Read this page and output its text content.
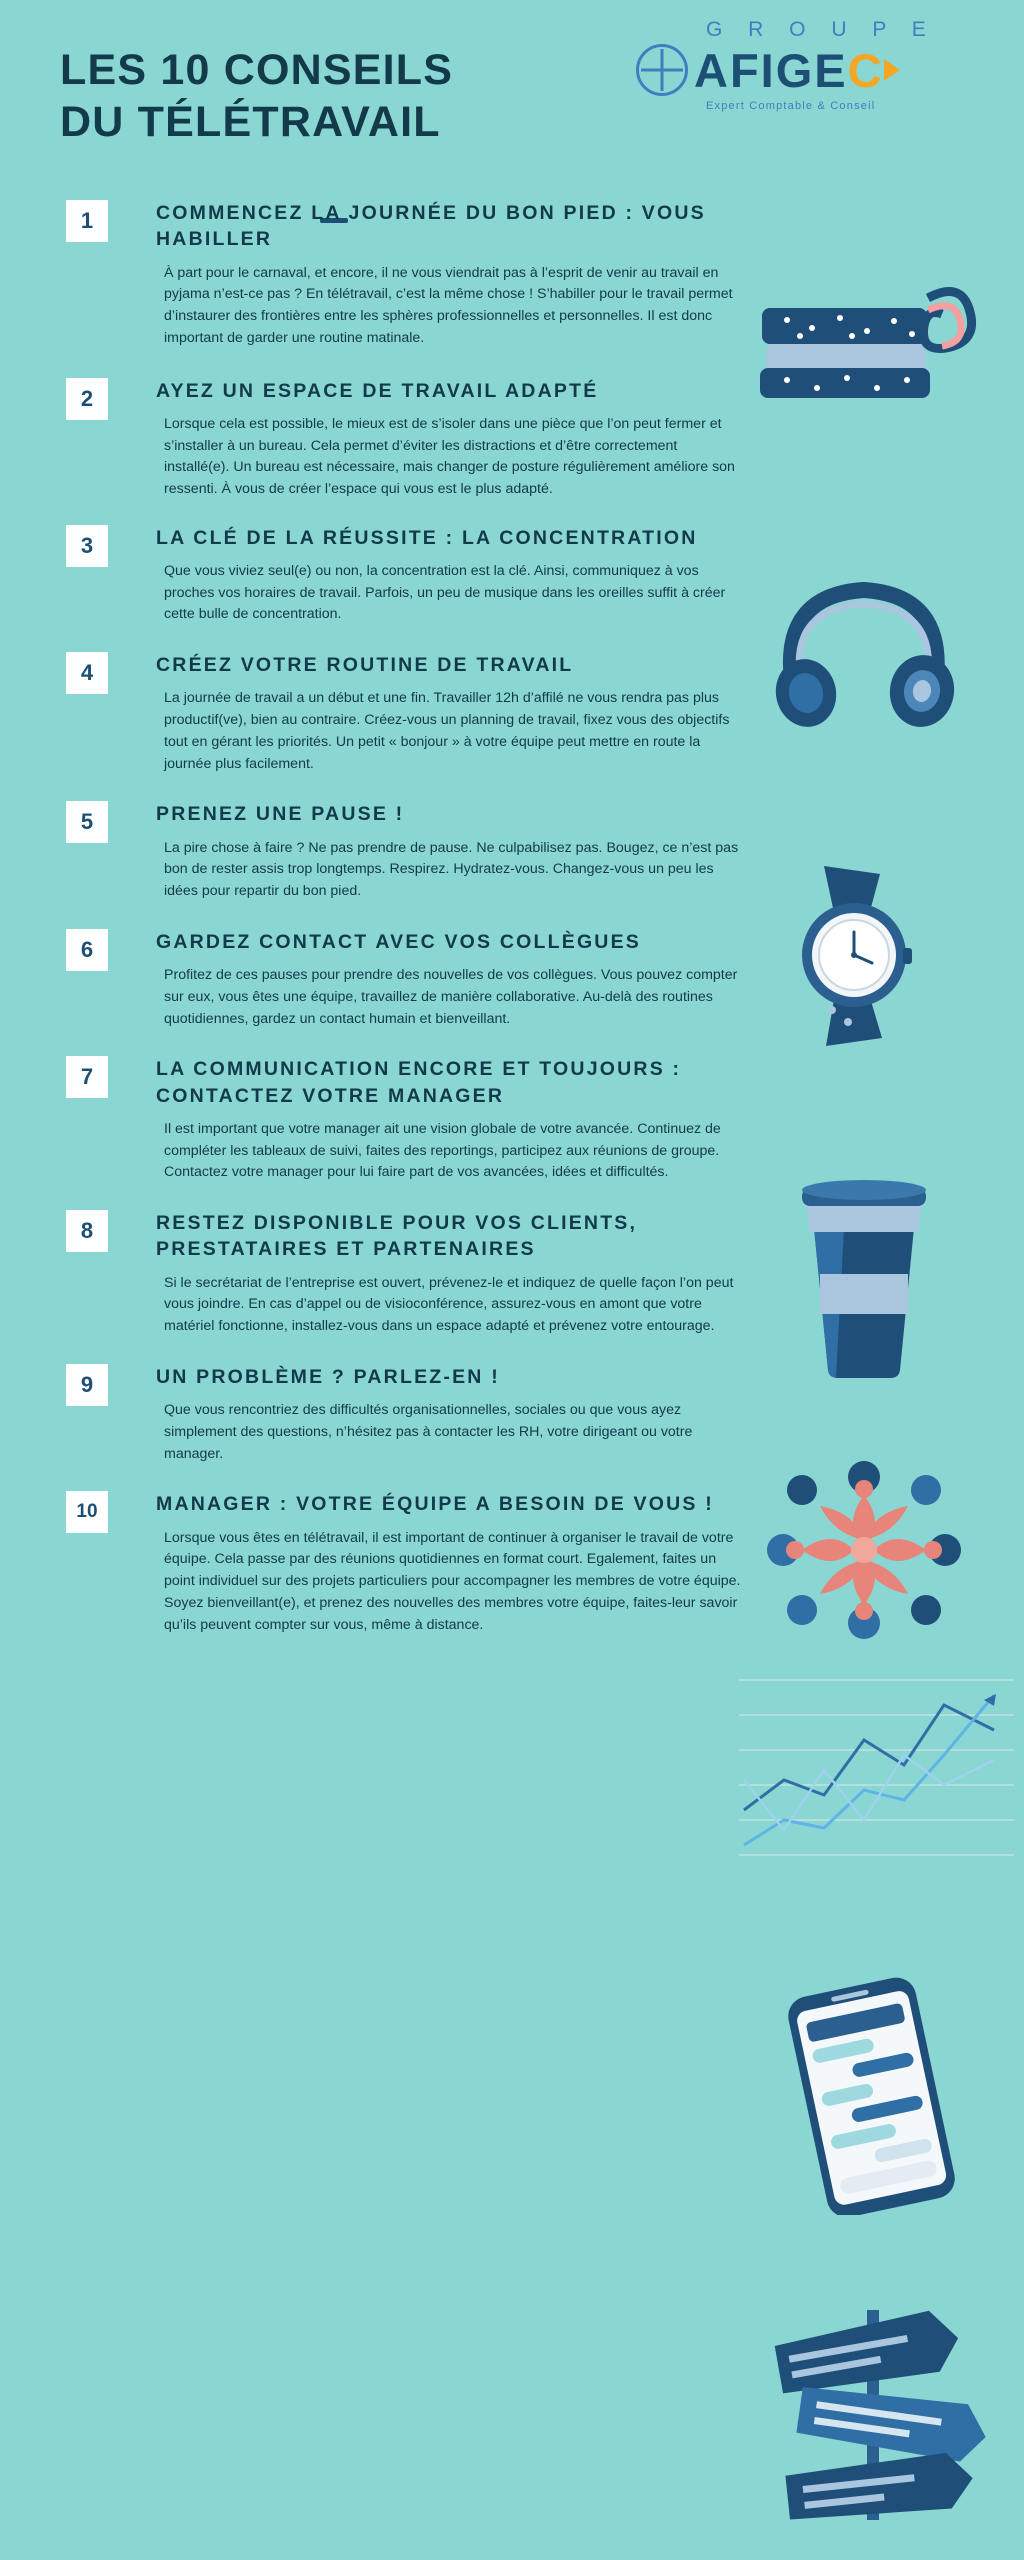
LES 10 CONSEILS
DU TÉLÉTRAVAIL
G R O U P E
AFIGE C
Expert Comptable & Conseil
1	COMMENCEZ LA JOURNÉE DU BON PIED : VOUS HABILLER
À part pour le carnaval, et encore, il ne vous viendrait pas à l’esprit de venir au travail en pyjama n’est-ce pas ? En télétravail, c’est la même chose ! S’habiller pour le travail permet d’instaurer des frontières entre les sphères professionnelles et personnelles. Il est donc important de garder une routine matinale.
2	AYEZ UN ESPACE DE TRAVAIL ADAPTÉ
Lorsque cela est possible, le mieux est de s’isoler dans une pièce que l’on peut fermer et s’installer à un bureau. Cela permet d’éviter les distractions et d’être correctement installé(e). Un bureau est nécessaire, mais changer de posture régulièrement améliore son ressenti. À vous de créer l’espace qui vous est le plus adapté.
3	LA CLÉ DE LA RÉUSSITE : LA CONCENTRATION
Que vous viviez seul(e) ou non, la concentration est la clé. Ainsi, communiquez à vos proches vos horaires de travail. Parfois, un peu de musique dans les oreilles suffit à créer cette bulle de concentration.
4	CRÉEZ VOTRE ROUTINE DE TRAVAIL
La journée de travail a un début et une fin. Travailler 12h d’affilé ne vous rendra pas plus productif(ve), bien au contraire. Créez-vous un planning de travail, fixez vous des objectifs tout en gérant les priorités. Un petit « bonjour » à votre équipe peut mettre en route la journée plus facilement.
5	PRENEZ UNE PAUSE !
La pire chose à faire ? Ne pas prendre de pause. Ne culpabilisez pas. Bougez, ce n’est pas bon de rester assis trop longtemps. Respirez. Hydratez-vous. Changez-vous un peu les idées pour repartir du bon pied.
6	GARDEZ CONTACT AVEC VOS COLLÈGUES
Profitez de ces pauses pour prendre des nouvelles de vos collègues. Vous pouvez compter sur eux, vous êtes une équipe, travaillez de manière collaborative. Au-delà des routines quotidiennes, gardez un contact humain et bienveillant.
7	LA COMMUNICATION ENCORE ET TOUJOURS : CONTACTEZ VOTRE MANAGER
Il est important que votre manager ait une vision globale de votre avancée. Continuez de compléter les tableaux de suivi, faites des reportings, participez aux réunions de groupe. Contactez votre manager pour lui faire part de vos avancées, idées et difficultés.
8	RESTEZ DISPONIBLE POUR VOS CLIENTS, PRESTATAIRES ET PARTENAIRES
Si le secrétariat de l’entreprise est ouvert, prévenez-le et indiquez de quelle façon l’on peut vous joindre. En cas d’appel ou de visioconférence, assurez-vous en amont que votre matériel fonctionne, installez-vous dans un espace adapté et prévenez votre entourage.
9	UN PROBLÈME ? PARLEZ-EN !
Que vous rencontriez des difficultés organisationnelles, sociales ou que vous ayez simplement des questions, n’hésitez pas à contacter les RH, votre dirigeant ou votre manager.
10	MANAGER : VOTRE ÉQUIPE A BESOIN DE VOUS !
Lorsque vous êtes en télétravail, il est important de continuer à organiser le travail de votre équipe. Cela passe par des réunions quotidiennes en format court. Egalement, faites un point individuel sur des projets particuliers pour accompagner les membres de votre équipe. Soyez bienveillant(e), et prenez des nouvelles des membres votre équipe, faites-leur savoir qu’ils peuvent compter sur vous, même à distance.
